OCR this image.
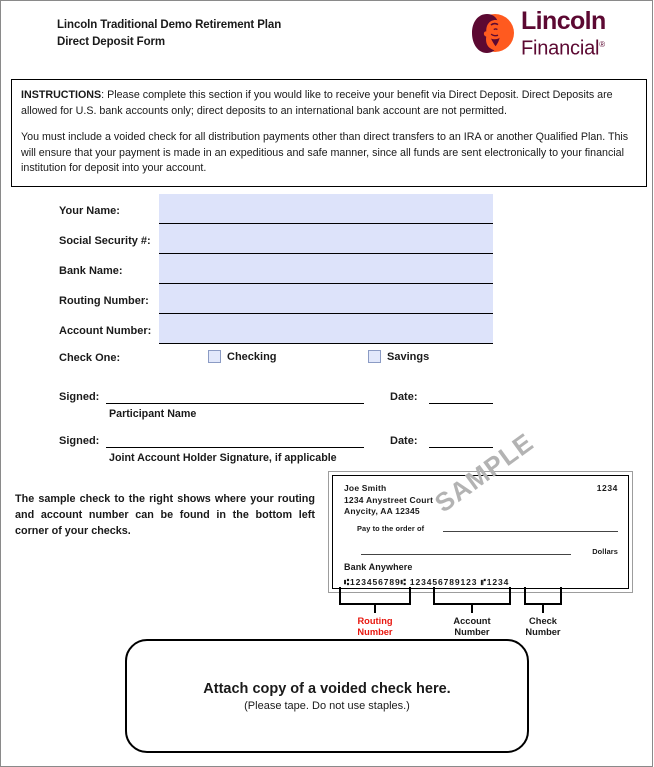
Lincoln Traditional Demo Retirement Plan
Direct Deposit Form
Lincoln
Financial®

INSTRUCTIONS: Please complete this section if you would like to receive your benefit via Direct Deposit. Direct Deposits are allowed for U.S. bank accounts only; direct deposits to an international bank account are not permitted.

You must include a voided check for all distribution payments other than direct transfers to an IRA or another Qualified Plan. This will ensure that your payment is made in an expeditious and safe manner, since all funds are sent electronically to your financial institution for deposit into your account.

Your Name:
Social Security #:
Bank Name:
Routing Number:
Account Number:
Check One:	Checking	Savings
Signed:
Participant Name
Date:
Signed:
Joint Account Holder Signature, if applicable
Date:
The sample check to the right shows where your routing and account number can be found in the bottom left corner of your checks.
Joe Smith
1234 Anystreet Court
Anycity, AA 12345
1234
SAMPLE
Pay to the order of
Dollars
Bank Anywhere
⑆123456789⑆ 123456789123 ⑈1234
Routing
Number
Account
Number
Check
Number
Attach copy of a voided check here.
(Please tape. Do not use staples.)
